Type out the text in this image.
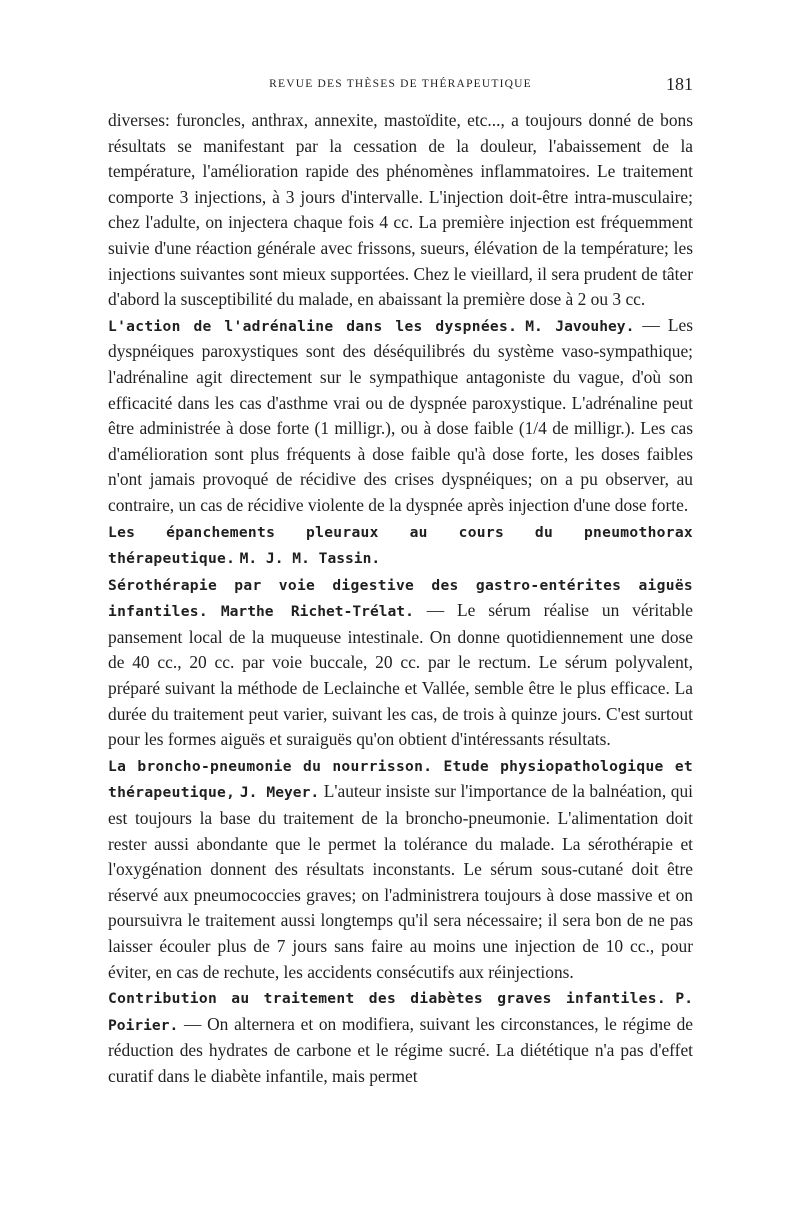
REVUE DES THÈSES DE THÉRAPEUTIQUE	181

diverses: furoncles, anthrax, annexite, mastoïdite, etc..., a toujours donné de bons résultats se manifestant par la cessation de la douleur, l'abaissement de la température, l'amélioration rapide des phénomènes inflammatoires. Le traitement comporte 3 injections, à 3 jours d'intervalle. L'injection doit-être intra-musculaire; chez l'adulte, on injectera chaque fois 4 cc. La première injection est fréquemment suivie d'une réaction générale avec frissons, sueurs, élévation de la température; les injections suivantes sont mieux supportées. Chez le vieillard, il sera prudent de tâter d'abord la susceptibilité du malade, en abaissant la première dose à 2 ou 3 cc.

L'action de l'adrénaline dans les dyspnées. M. Javouhey. — Les dyspnéiques paroxystiques sont des déséquilibrés du système vaso-sympathique; l'adrénaline agit directement sur le sympathique antagoniste du vague, d'où son efficacité dans les cas d'asthme vrai ou de dyspnée paroxystique. L'adrénaline peut être administrée à dose forte (1 milligr.), ou à dose faible (1/4 de milligr.). Les cas d'amélioration sont plus fréquents à dose faible qu'à dose forte, les doses faibles n'ont jamais provoqué de récidive des crises dyspnéiques; on a pu observer, au contraire, un cas de récidive violente de la dyspnée après injection d'une dose forte.

Les épanchements pleuraux au cours du pneumothorax thérapeutique. M. J. M. Tassin.

Sérothérapie par voie digestive des gastro-entérites aiguës infantiles. Marthe Richet-Trélat. — Le sérum réalise un véritable pansement local de la muqueuse intestinale. On donne quotidiennement une dose de 40 cc., 20 cc. par voie buccale, 20 cc. par le rectum. Le sérum polyvalent, préparé suivant la méthode de Leclainche et Vallée, semble être le plus efficace. La durée du traitement peut varier, suivant les cas, de trois à quinze jours. C'est surtout pour les formes aiguës et suraiguës qu'on obtient d'intéressants résultats.

La broncho-pneumonie du nourrisson. Etude physiopathologique et thérapeutique, J. Meyer. L'auteur insiste sur l'importance de la balnéation, qui est toujours la base du traitement de la broncho-pneumonie. L'alimentation doit rester aussi abondante que le permet la tolérance du malade. La sérothérapie et l'oxygénation donnent des résultats inconstants. Le sérum sous-cutané doit être réservé aux pneumococcies graves; on l'administrera toujours à dose massive et on poursuivra le traitement aussi longtemps qu'il sera nécessaire; il sera bon de ne pas laisser écouler plus de 7 jours sans faire au moins une injection de 10 cc., pour éviter, en cas de rechute, les accidents consécutifs aux réinjections.

Contribution au traitement des diabètes graves infantiles. P. Poirier. — On alternera et on modifiera, suivant les circonstances, le régime de réduction des hydrates de carbone et le régime sucré. La diététique n'a pas d'effet curatif dans le diabète infantile, mais permet
